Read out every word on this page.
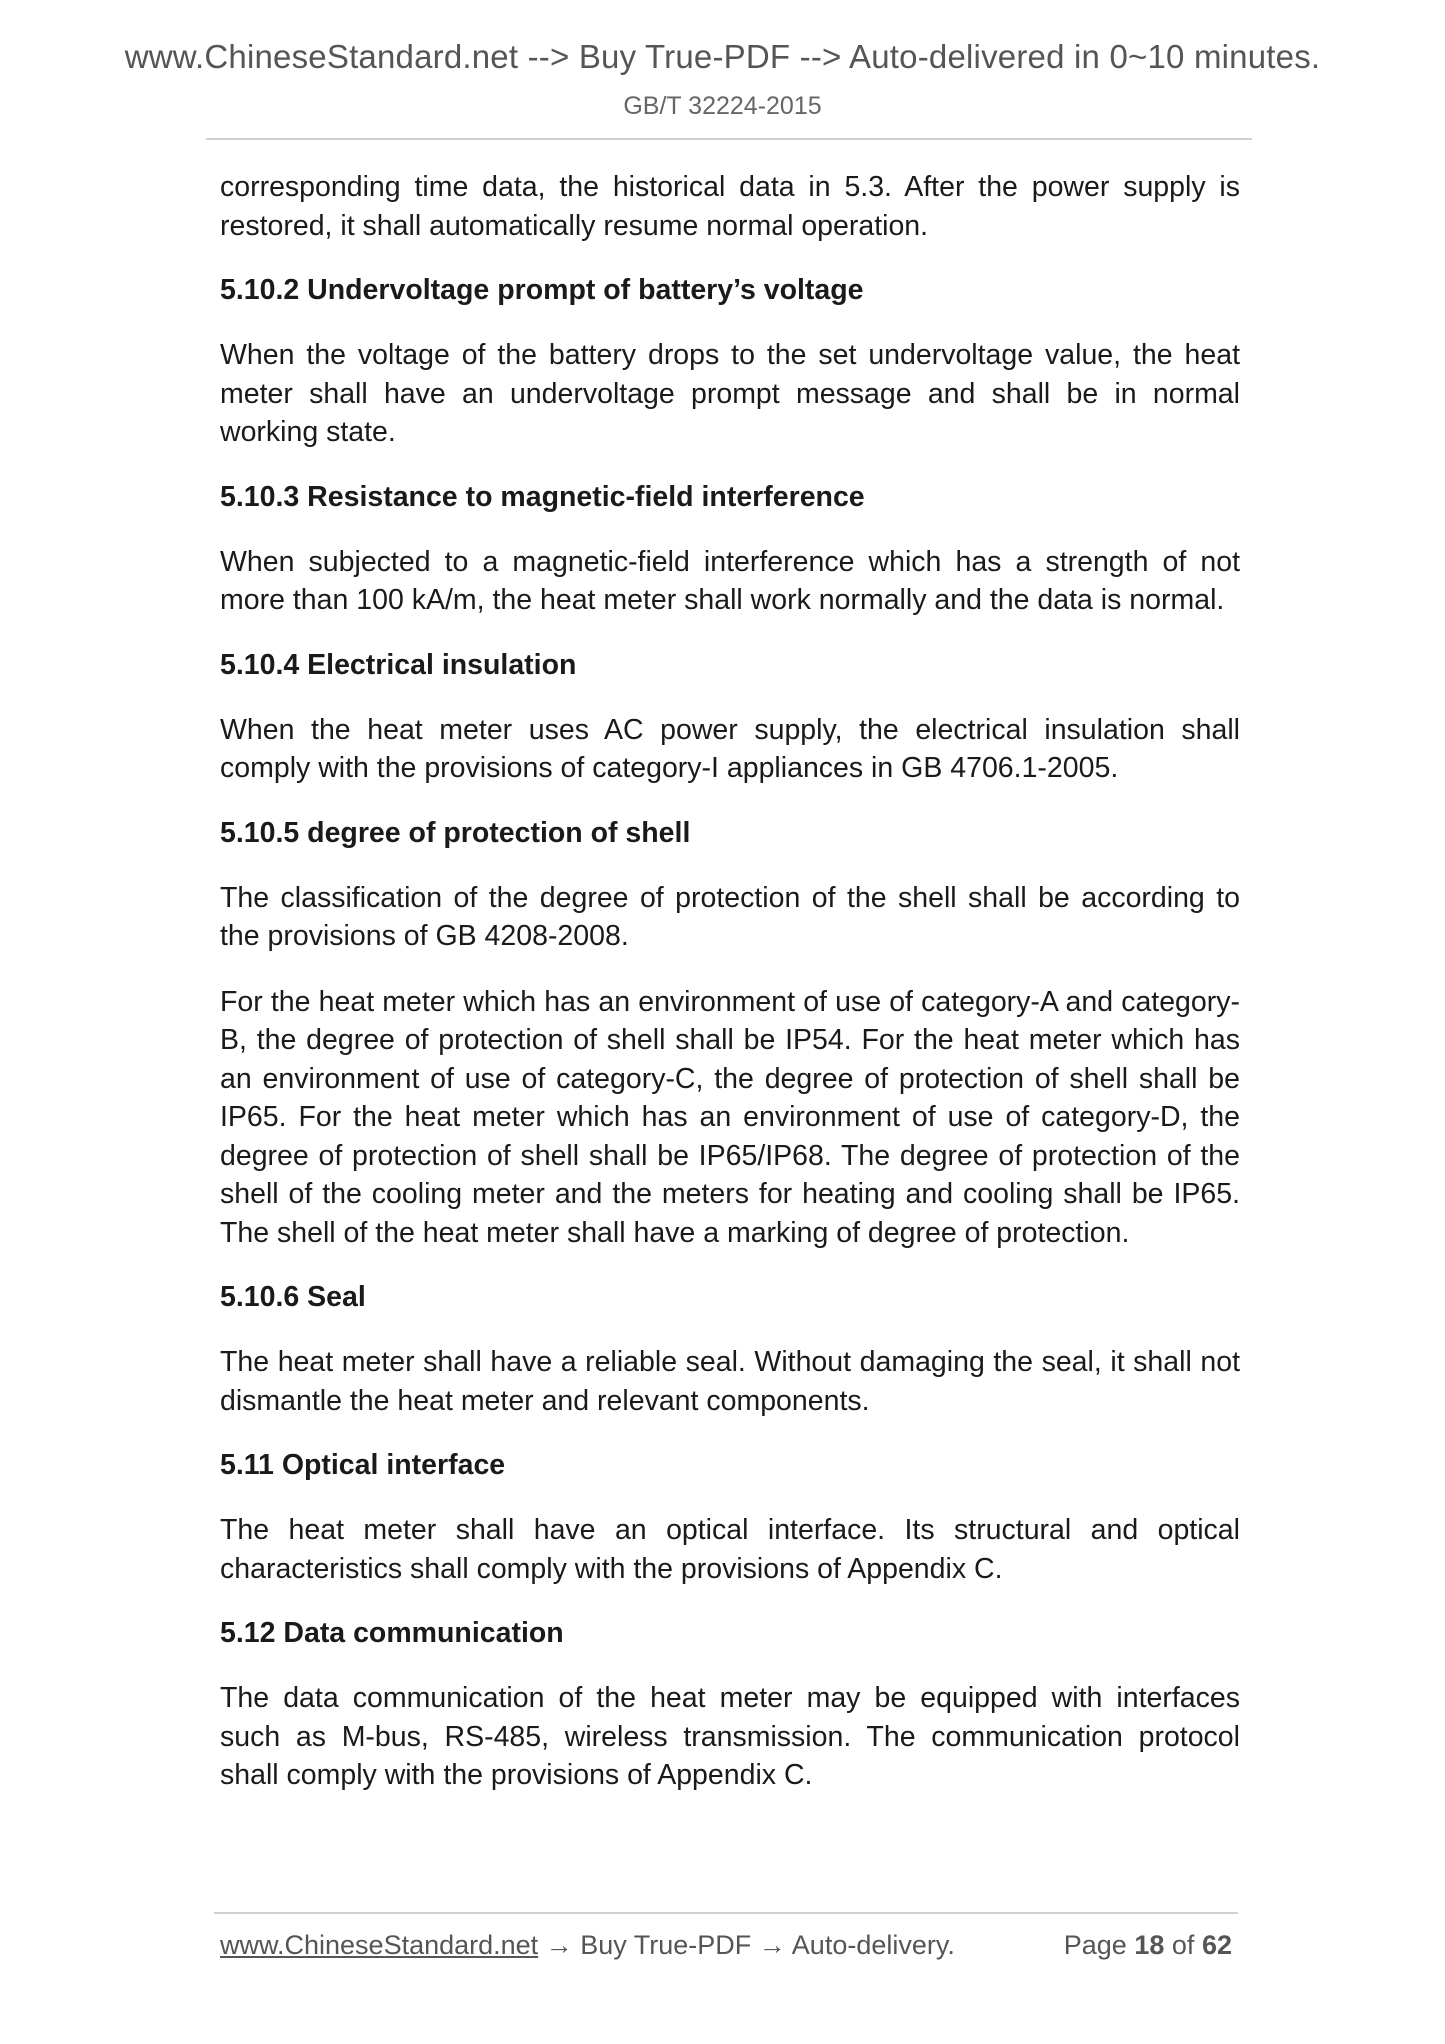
www.ChineseStandard.net --> Buy True-PDF --> Auto-delivered in 0~10 minutes.
GB/T 32224-2015

corresponding time data, the historical data in 5.3. After the power supply is restored, it shall automatically resume normal operation.

5.10.2 Undervoltage prompt of battery’s voltage

When the voltage of the battery drops to the set undervoltage value, the heat meter shall have an undervoltage prompt message and shall be in normal working state.

5.10.3 Resistance to magnetic-field interference

When subjected to a magnetic-field interference which has a strength of not more than 100 kA/m, the heat meter shall work normally and the data is normal.

5.10.4 Electrical insulation

When the heat meter uses AC power supply, the electrical insulation shall comply with the provisions of category-I appliances in GB 4706.1-2005.

5.10.5 degree of protection of shell

The classification of the degree of protection of the shell shall be according to the provisions of GB 4208-2008.

For the heat meter which has an environment of use of category-A and category-B, the degree of protection of shell shall be IP54. For the heat meter which has an environment of use of category-C, the degree of protection of shell shall be IP65. For the heat meter which has an environment of use of category-D, the degree of protection of shell shall be IP65/IP68. The degree of protection of the shell of the cooling meter and the meters for heating and cooling shall be IP65. The shell of the heat meter shall have a marking of degree of protection.

5.10.6 Seal

The heat meter shall have a reliable seal. Without damaging the seal, it shall not dismantle the heat meter and relevant components.

5.11 Optical interface

The heat meter shall have an optical interface. Its structural and optical characteristics shall comply with the provisions of Appendix C.

5.12 Data communication

The data communication of the heat meter may be equipped with interfaces such as M-bus, RS-485, wireless transmission. The communication protocol shall comply with the provisions of Appendix C.

www.ChineseStandard.net → Buy True-PDF → Auto-delivery.	Page 18 of 62
